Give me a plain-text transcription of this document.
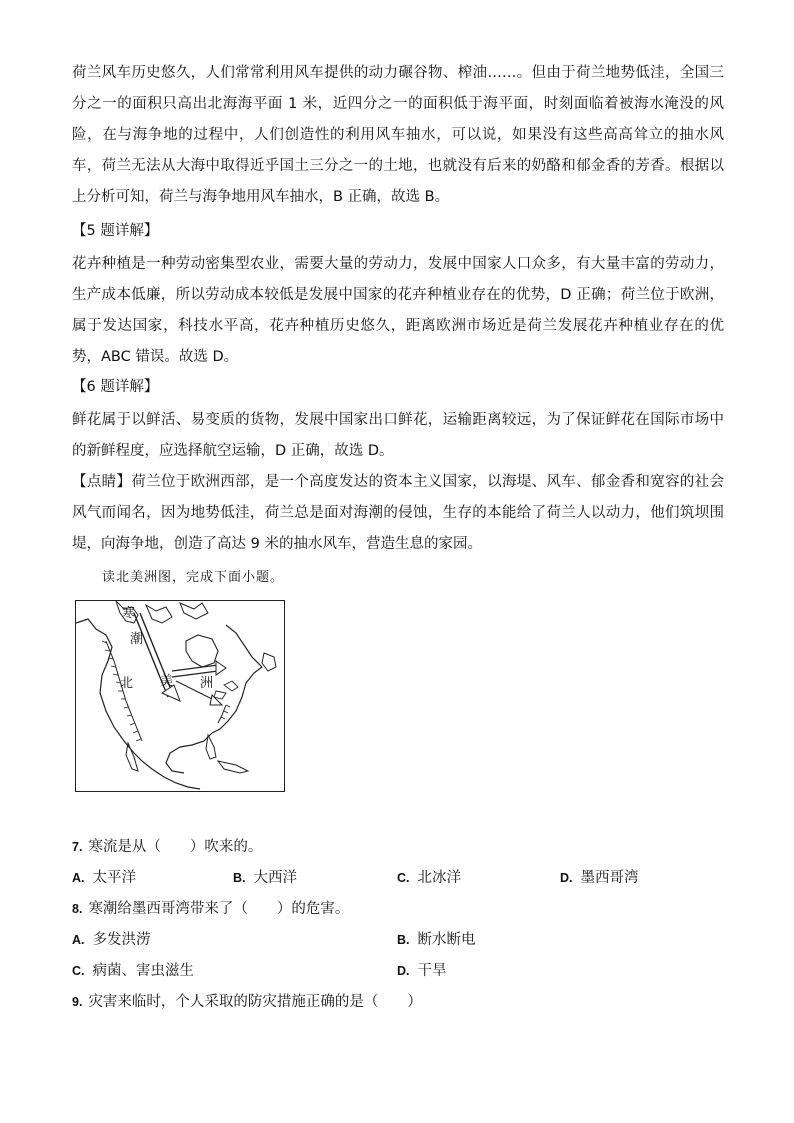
荷兰风车历史悠久，人们常常利用风车提供的动力碾谷物、榨油……。但由于荷兰地势低洼，全国三分之一的面积只高出北海海平面 1 米，近四分之一的面积低于海平面，时刻面临着被海水淹没的风险，在与海争地的过程中，人们创造性的利用风车抽水，可以说，如果没有这些高高耸立的抽水风车，荷兰无法从大海中取得近乎国土三分之一的土地，也就没有后来的奶酪和郁金香的芳香。根据以上分析可知，荷兰与海争地用风车抽水，B 正确，故选 B。

【5 题详解】

花卉种植是一种劳动密集型农业，需要大量的劳动力，发展中国家人口众多，有大量丰富的劳动力，生产成本低廉，所以劳动成本较低是发展中国家的花卉种植业存在的优势，D 正确；荷兰位于欧洲，属于发达国家，科技水平高，花卉种植历史悠久，距离欧洲市场近是荷兰发展花卉种植业存在的优势，ABC 错误。故选 D。

【6 题详解】

鲜花属于以鲜活、易变质的货物，发展中国家出口鲜花，运输距离较远，为了保证鲜花在国际市场中的新鲜程度，应选择航空运输，D 正确，故选 D。

【点睛】荷兰位于欧洲西部，是一个高度发达的资本主义国家，以海堤、风车、郁金香和宽容的社会风气而闻名，因为地势低洼，荷兰总是面对海潮的侵蚀，生存的本能给了荷兰人以动力，他们筑坝围堤，向海争地，创造了高达 9 米的抽水风车，营造生息的家园。

读北美洲图，完成下面小题。

寒
潮
北 美 洲

7. 寒流是从（　　）吹来的。

A. 太平洋	B. 大西洋	C. 北冰洋	D. 墨西哥湾

8. 寒潮给墨西哥湾带来了（　　）的危害。

A. 多发洪涝	B. 断水断电

C. 病菌、害虫滋生	D. 干旱

9. 灾害来临时，个人采取的防灾措施正确的是（　　）
